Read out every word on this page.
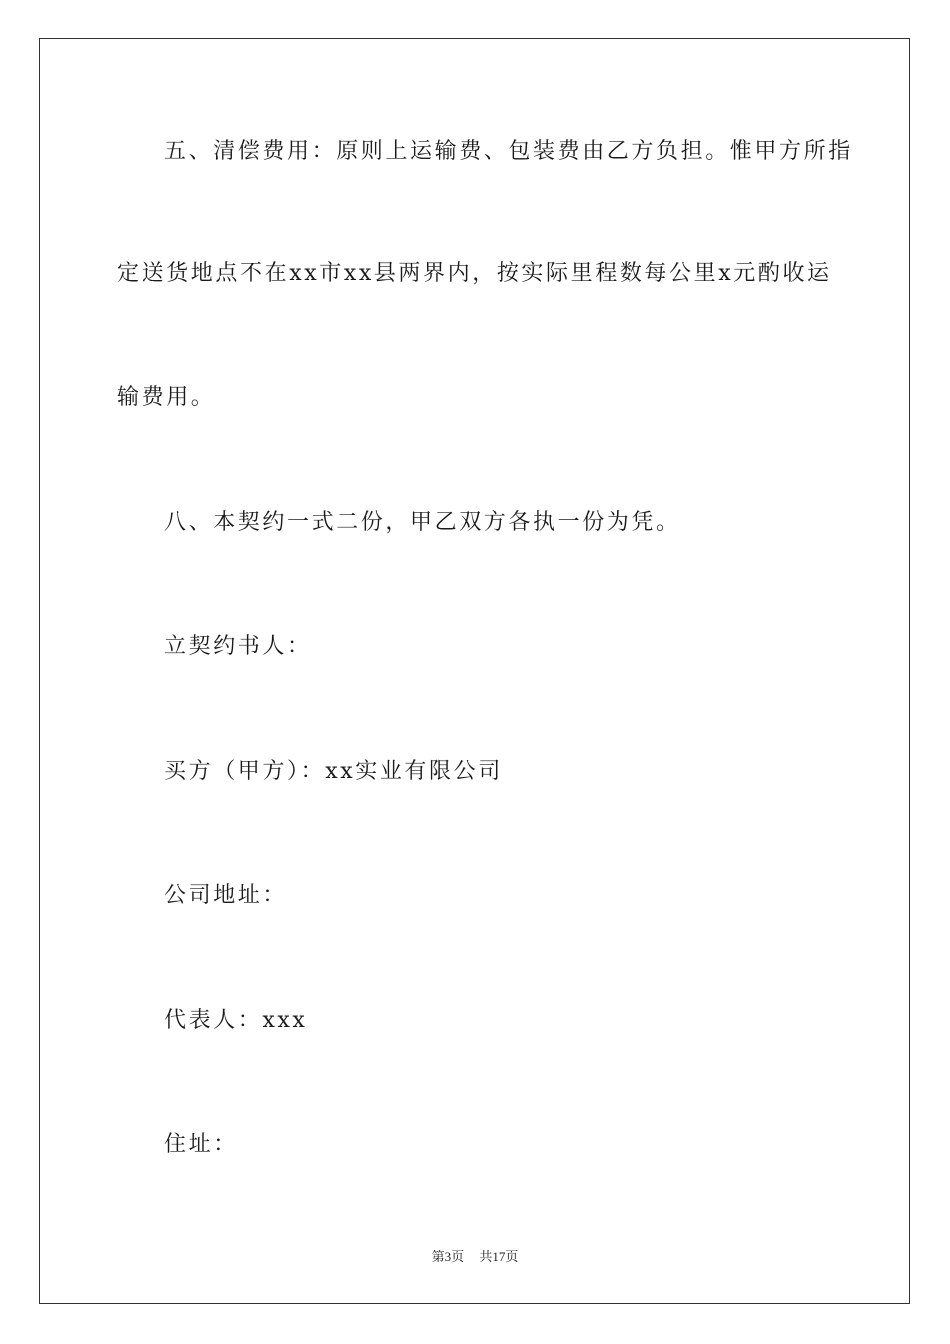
五、清偿费用：原则上运输费、包装费由乙方负担。惟甲方所指
定送货地点不在xx市xx县两界内，按实际里程数每公里x元酌收运
输费用。
八、本契约一式二份，甲乙双方各执一份为凭。
立契约书人：
买方（甲方）：xx实业有限公司
公司地址：
代表人：xxx
住址：
第3页 共17页
